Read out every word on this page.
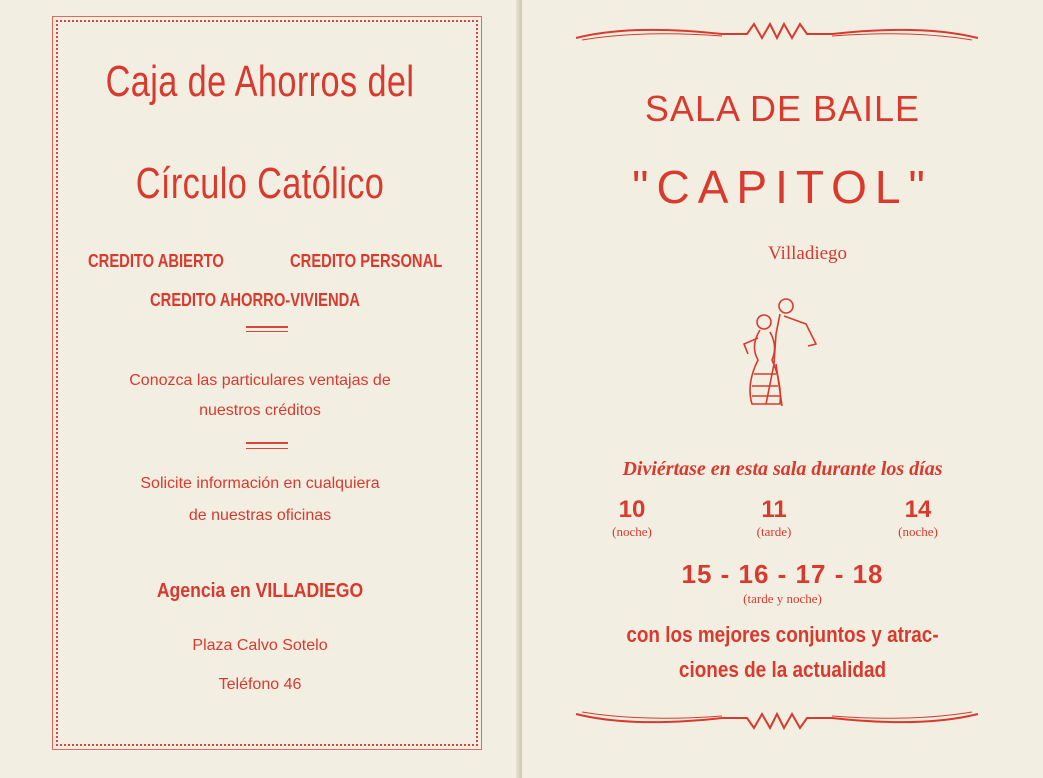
Caja de Ahorros del
Círculo Católico
CREDITO ABIERTO	CREDITO PERSONAL
CREDITO AHORRO-VIVIENDA
Conozca las particulares ventajas de
nuestros créditos
Solicite información en cualquiera
de nuestras oficinas
Agencia en VILLADIEGO
Plaza Calvo Sotelo
Teléfono 46
SALA DE BAILE
"CAPITOL"
Villadiego
Diviértase en esta sala durante los días
10
(noche)
11
(tarde)
14
(noche)
15 - 16 - 17 - 18
(tarde y noche)
con los mejores conjuntos y atrac-
ciones de la actualidad
